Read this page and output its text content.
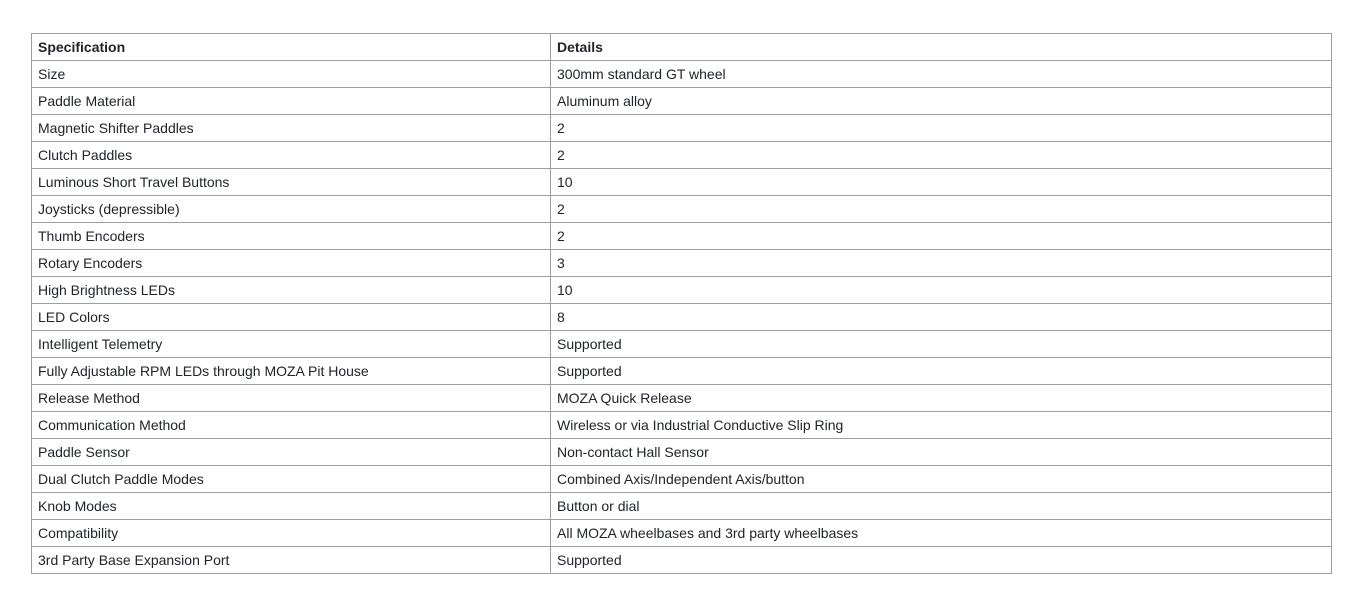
Specification	Details
Size	300mm standard GT wheel
Paddle Material	Aluminum alloy
Magnetic Shifter Paddles	2
Clutch Paddles	2
Luminous Short Travel Buttons	10
Joysticks (depressible)	2
Thumb Encoders	2
Rotary Encoders	3
High Brightness LEDs	10
LED Colors	8
Intelligent Telemetry	Supported
Fully Adjustable RPM LEDs through MOZA Pit House	Supported
Release Method	MOZA Quick Release
Communication Method	Wireless or via Industrial Conductive Slip Ring
Paddle Sensor	Non-contact Hall Sensor
Dual Clutch Paddle Modes	Combined Axis/Independent Axis/button
Knob Modes	Button or dial
Compatibility	All MOZA wheelbases and 3rd party wheelbases
3rd Party Base Expansion Port	Supported
